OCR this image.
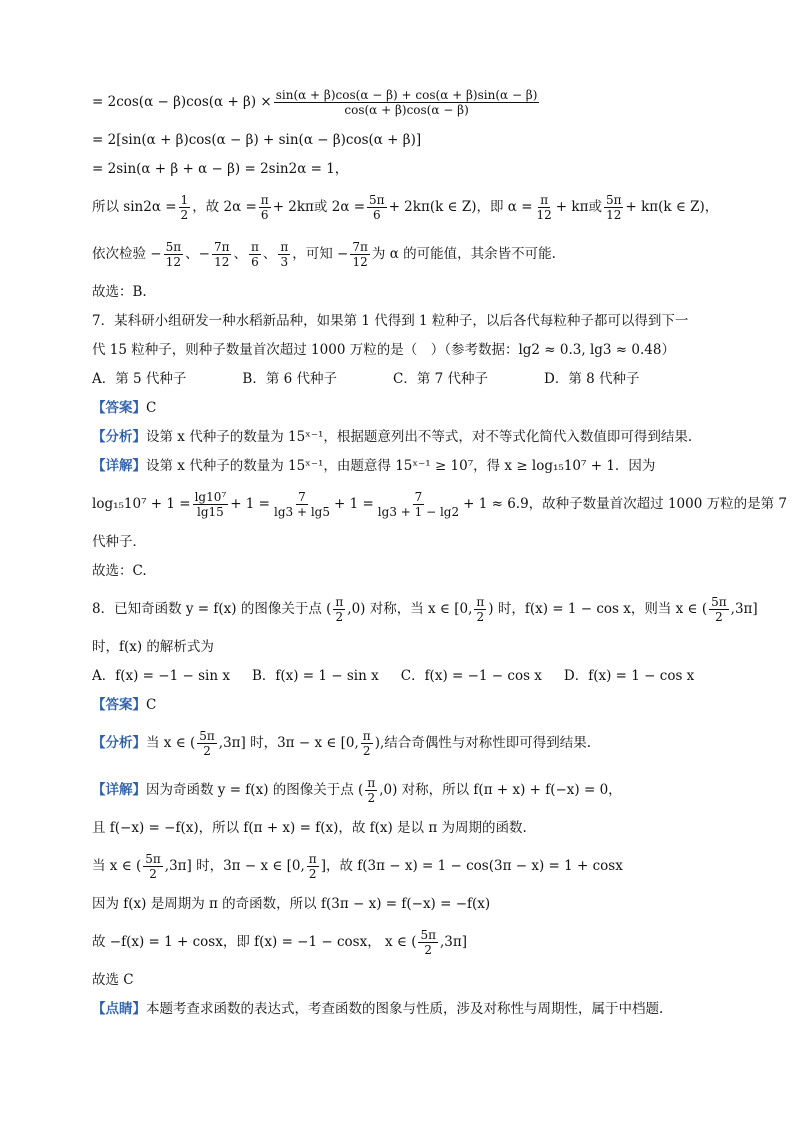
= $2\cos(\alpha - \beta)\cos(\alpha + \beta) \times \frac{\sin(\alpha + \beta)\cos(\alpha - \beta) + \cos(\alpha + \beta)\sin(\alpha - \beta)}{\cos(\alpha + \beta)\cos(\alpha - \beta)}$
= 2[sin(α + β)cos(α − β) + sin(α − β)cos(α + β)]
= 2sin(α + β + α − β) = 2sin2α = 1，
所以 $\sin 2\alpha = \frac{1}{2}$ ，故 $2\alpha = \frac{\pi}{6} + 2k\pi$或 $2\alpha = \frac{5\pi}{6} + 2k\pi(k$ ∈ Z)，即 $\alpha = \frac{\pi}{12} + k\pi$或 $\frac{5\pi}{12} + k\pi(k$ ∈ Z)，
依次检验 − $\frac{5\pi}{12}$ 、− $\frac{7\pi}{12}$ 、 $\frac{\pi}{6}$ 、 $\frac{\pi}{3}$ ，可知 − $\frac{7\pi}{12}$ 为 α 的可能值，其余皆不可能.
故选：B.
7．某科研小组研发一种水稻新品种，如果第 1 代得到 1 粒种子，以后各代每粒种子都可以得到下一
代 15 粒种子，则种子数量首次超过 1000 万粒的是（　）（参考数据：lg2 ≈ 0.3, lg3 ≈ 0.48）
A．第 5 代种子	B．第 6 代种子	C．第 7 代种子	D．第 8 代种子
【答案】C
【分析】设第 x 代种子的数量为 15ˣ⁻¹，根据题意列出不等式，对不等式化简代入数值即可得到结果.
【详解】设第 x 代种子的数量为 15ˣ⁻¹，由题意得 15ˣ⁻¹ ≥ 10⁷，得 x ≥ log₁₅10⁷ + 1．因为
$\log_{15}10^7 + 1 = \frac{\text{lg10⁷}}{\lg 15} + 1 = \frac{7}{\lg 3 + \lg 5} + 1 = \frac{7}{\lg 3 + 1 - \lg 2} + 1 \approx 6.9$，故种子数量首次超过 1000 万粒的是第 7
代种子．
故选：C.
8．已知奇函数 y = f(x) 的图像关于点 ( $\frac{\pi}{2} ,0$) 对称，当 x ∈ [0, $\frac{\pi}{2}$ ) 时，f(x) = 1 − cos x，则当 x ∈ ( $\frac{5\pi}{2} ,3\pi$]
时，f(x) 的解析式为
A．f(x) = −1 − sin x B．f(x) = 1 − sin x C．f(x) = −1 − cos x D．f(x) = 1 − cos x
【答案】C
【分析】 当 x ∈ ( $\frac{5\pi}{2} ,3\pi$] 时，3π − x ∈ [0, $\frac{\pi}{2}$ ),结合奇偶性与对称性即可得到结果.
【详解】 因为奇函数 y = f(x) 的图像关于点 ( $\frac{\pi}{2} ,0$) 对称，所以 f(π + x) + f(−x) = 0，
且 f(−x) = −f(x)，所以 f(π + x) = f(x)，故 f(x) 是以 π 为周期的函数.
当 x ∈ ( $\frac{5\pi}{2} ,3\pi$] 时，3π − x ∈ [0, $\frac{\pi}{2}$ ]，故 f(3π − x) = 1 − cos(3π − x) = 1 + cosx
因为 f(x) 是周期为 π 的奇函数，所以 f(3π − x) = f(−x) = −f(x)
故 −f(x) = 1 + cosx，即 f(x) = −1 − cosx， x ∈ ( $\frac{5\pi}{2} ,3\pi$]
故选 C
【点睛】本题考查求函数的表达式，考查函数的图象与性质，涉及对称性与周期性，属于中档题.
